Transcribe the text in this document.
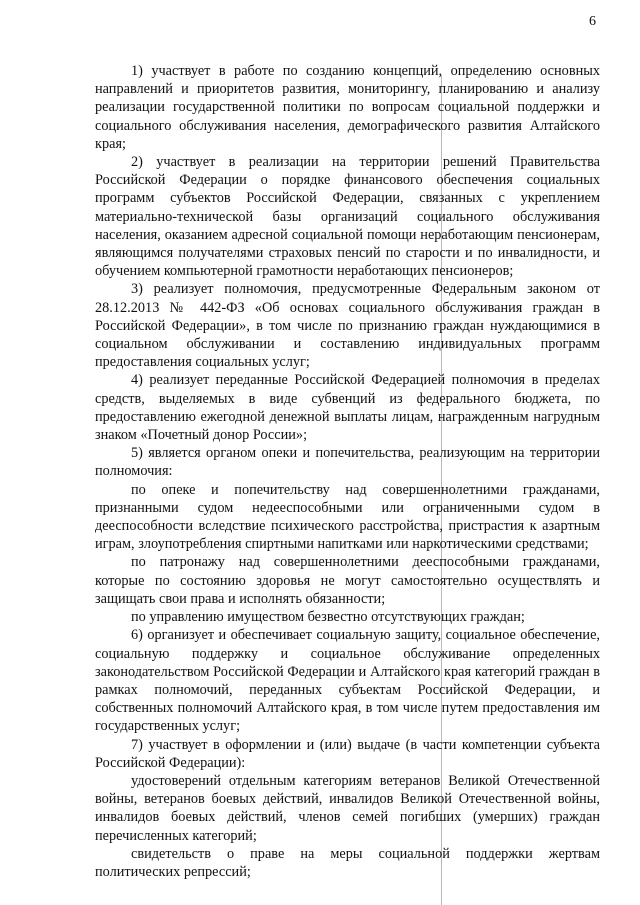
6

1) участвует в работе по созданию концепций, определению основных направлений и приоритетов развития, мониторингу, планированию и анализу реализации государственной политики по вопросам социальной поддержки и социального обслуживания населения, демографического развития Алтайского края;

2) участвует в реализации на территории решений Правительства Российской Федерации о порядке финансового обеспечения социальных программ субъектов Российской Федерации, связанных с укреплением материально-технической базы организаций социального обслуживания населения, оказанием адресной социальной помощи неработающим пенсионерам, являющимся получателями страховых пенсий по старости и по инвалидности, и обучением компьютерной грамотности неработающих пенсионеров;

3) реализует полномочия, предусмотренные Федеральным законом от 28.12.2013 № 442-ФЗ «Об основах социального обслуживания граждан в Российской Федерации», в том числе по признанию граждан нуждающимися в социальном обслуживании и составлению индивидуальных программ предоставления социальных услуг;

4) реализует переданные Российской Федерацией полномочия в пределах средств, выделяемых в виде субвенций из федерального бюджета, по предоставлению ежегодной денежной выплаты лицам, награжденным нагрудным знаком «Почетный донор России»;

5) является органом опеки и попечительства, реализующим на территории полномочия:

по опеке и попечительству над совершеннолетними гражданами, признанными судом недееспособными или ограниченными судом в дееспособности вследствие психического расстройства, пристрастия к азартным играм, злоупотребления спиртными напитками или наркотическими средствами;

по патронажу над совершеннолетними дееспособными гражданами, которые по состоянию здоровья не могут самостоятельно осуществлять и защищать свои права и исполнять обязанности;

по управлению имуществом безвестно отсутствующих граждан;

6) организует и обеспечивает социальную защиту, социальное обеспечение, социальную поддержку и социальное обслуживание определенных законодательством Российской Федерации и Алтайского края категорий граждан в рамках полномочий, переданных субъектам Российской Федерации, и собственных полномочий Алтайского края, в том числе путем предоставления им государственных услуг;

7) участвует в оформлении и (или) выдаче (в части компетенции субъекта Российской Федерации):

удостоверений отдельным категориям ветеранов Великой Отечественной войны, ветеранов боевых действий, инвалидов Великой Отечественной войны, инвалидов боевых действий, членов семей погибших (умерших) граждан перечисленных категорий;

свидетельств о праве на меры социальной поддержки жертвам политических репрессий;
